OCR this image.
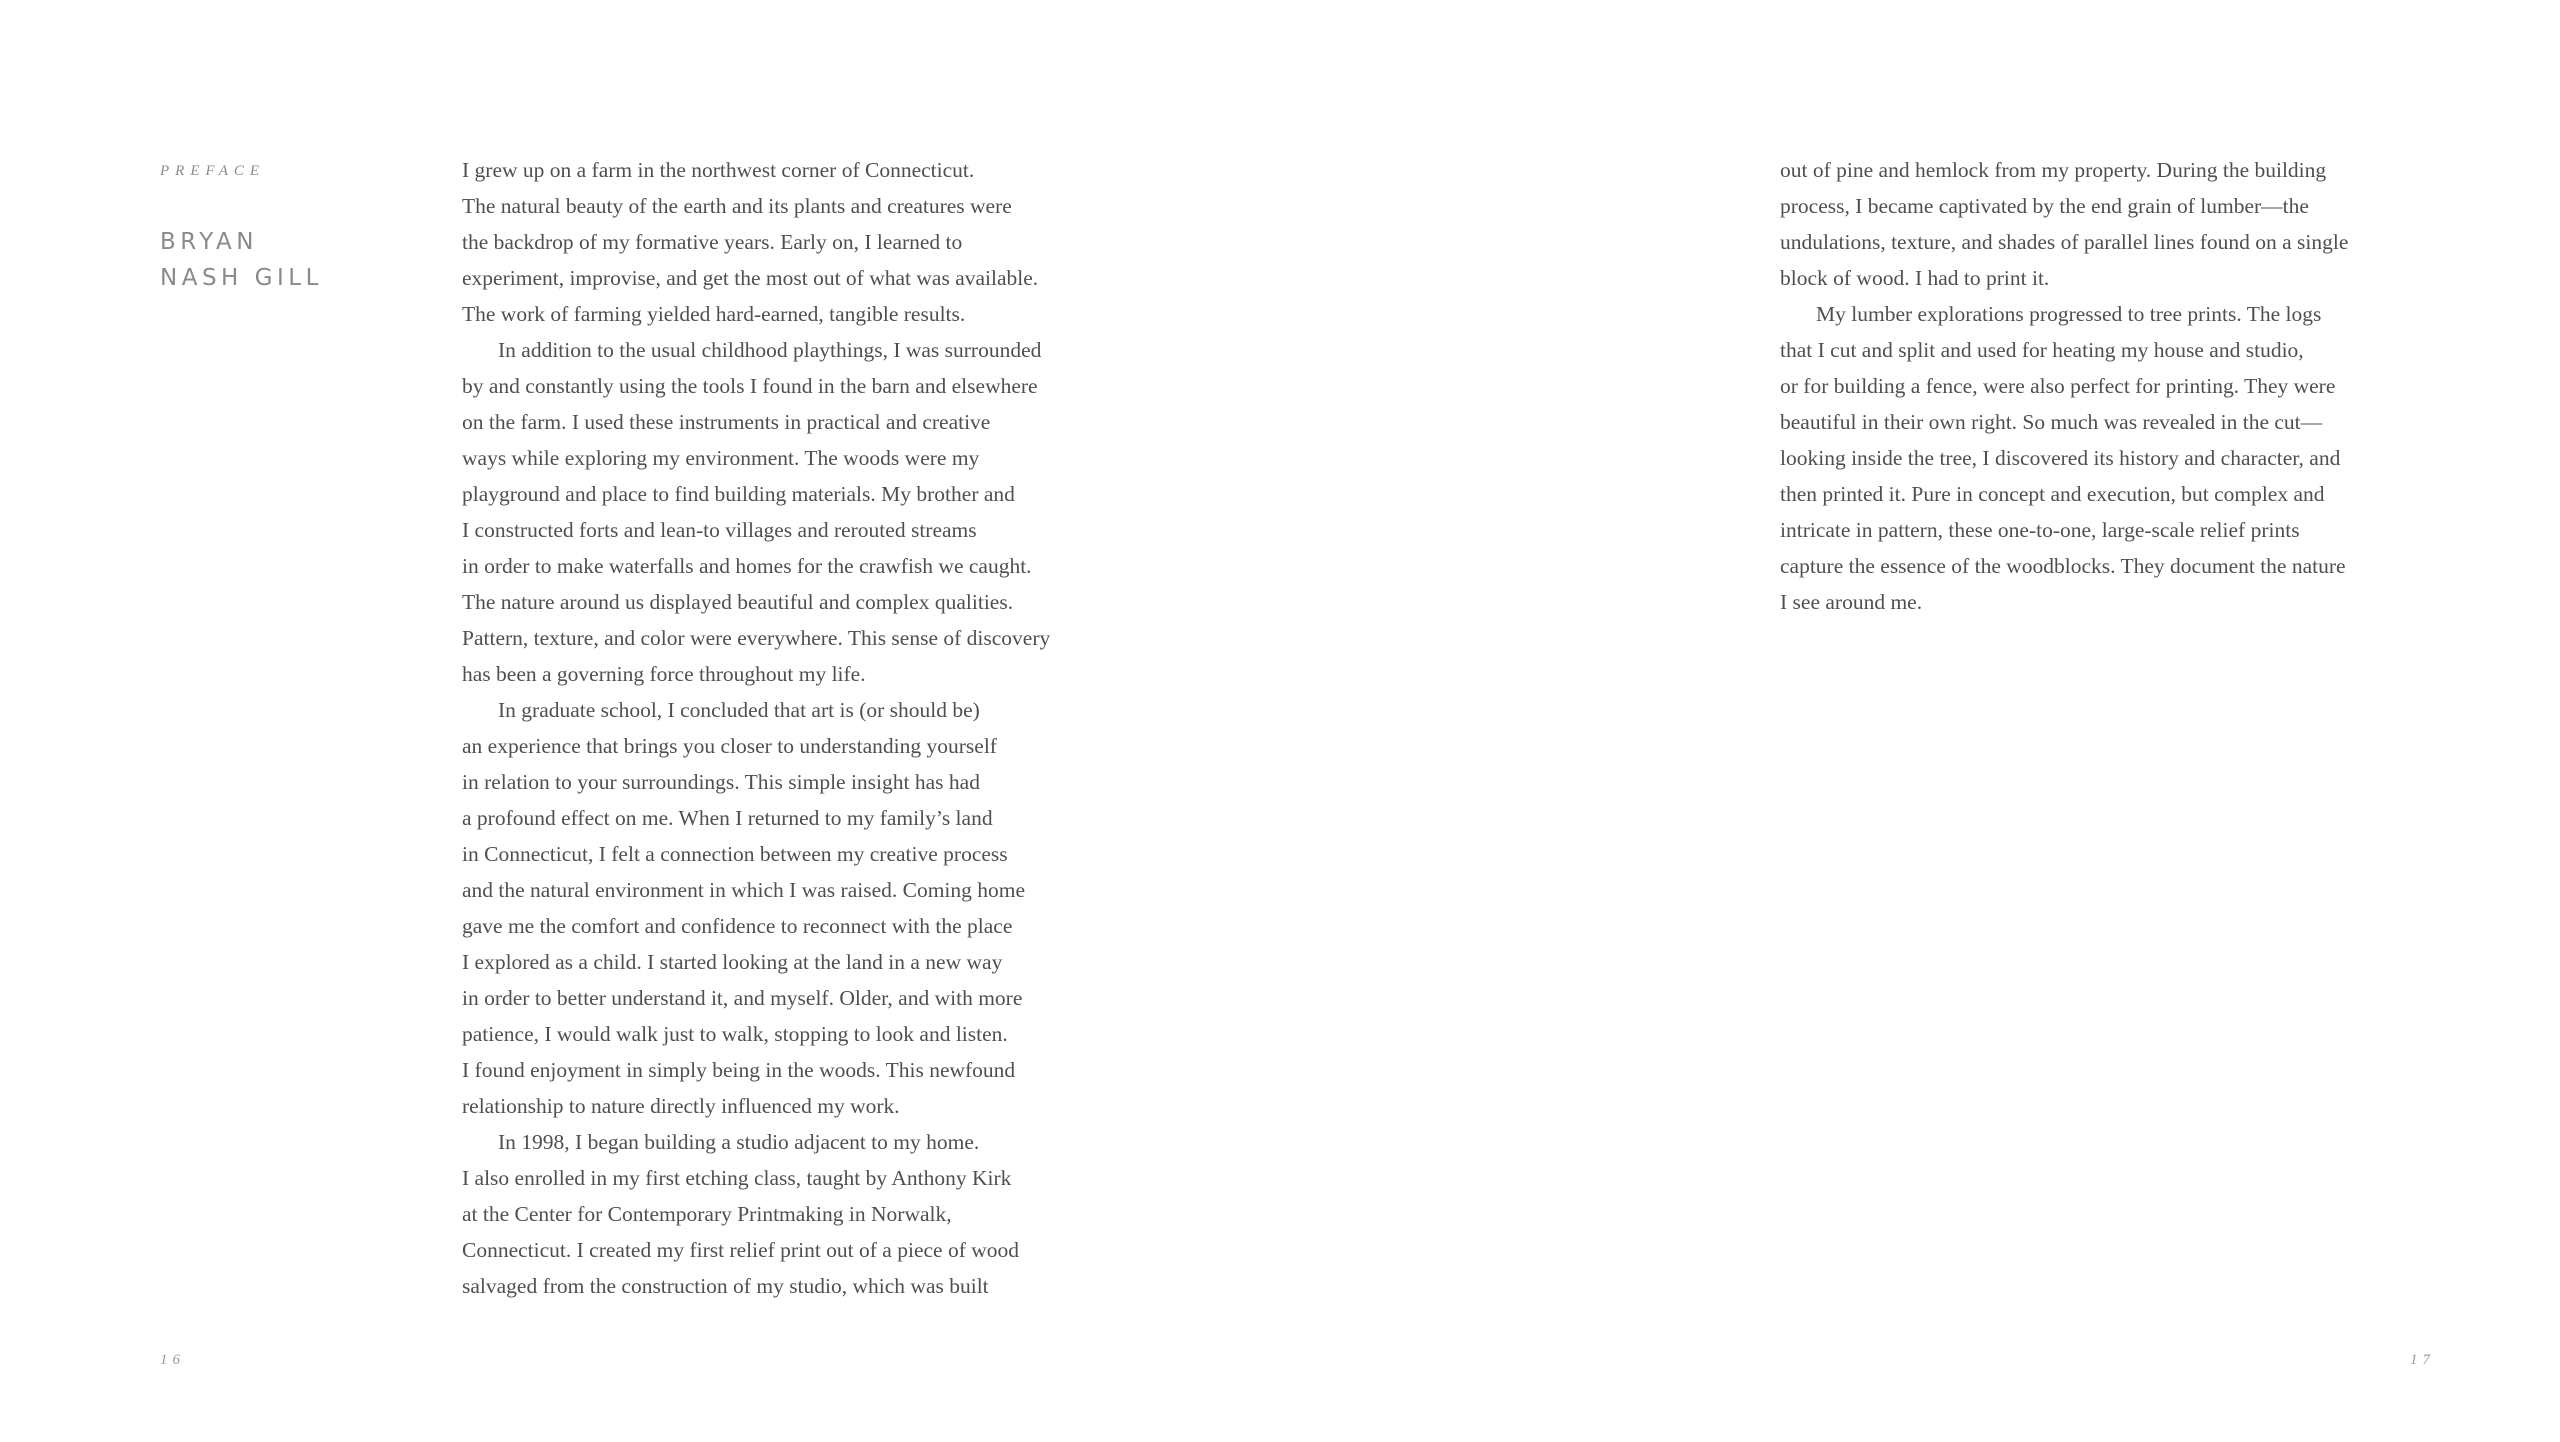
PREFACE

BRYAN
NASH GILL
I grew up on a farm in the northwest corner of Connecticut.
The natural beauty of the earth and its plants and creatures were
the backdrop of my formative years. Early on, I learned to
experiment, improvise, and get the most out of what was available.
The work of farming yielded hard-earned, tangible results.
In addition to the usual childhood playthings, I was surrounded
by and constantly using the tools I found in the barn and elsewhere
on the farm. I used these instruments in practical and creative
ways while exploring my environment. The woods were my
playground and place to find building materials. My brother and
I constructed forts and lean-to villages and rerouted streams
in order to make waterfalls and homes for the crawfish we caught.
The nature around us displayed beautiful and complex qualities.
Pattern, texture, and color were everywhere. This sense of discovery
has been a governing force throughout my life.
In graduate school, I concluded that art is (or should be)
an experience that brings you closer to understanding yourself
in relation to your surroundings. This simple insight has had
a profound effect on me. When I returned to my family’s land
in Connecticut, I felt a connection between my creative process
and the natural environment in which I was raised. Coming home
gave me the comfort and confidence to reconnect with the place
I explored as a child. I started looking at the land in a new way
in order to better understand it, and myself. Older, and with more
patience, I would walk just to walk, stopping to look and listen.
I found enjoyment in simply being in the woods. This newfound
relationship to nature directly influenced my work.
In 1998, I began building a studio adjacent to my home.
I also enrolled in my first etching class, taught by Anthony Kirk
at the Center for Contemporary Printmaking in Norwalk,
Connecticut. I created my first relief print out of a piece of wood
salvaged from the construction of my studio, which was built
out of pine and hemlock from my property. During the building
process, I became captivated by the end grain of lumber—the
undulations, texture, and shades of parallel lines found on a single
block of wood. I had to print it.
My lumber explorations progressed to tree prints. The logs
that I cut and split and used for heating my house and studio,
or for building a fence, were also perfect for printing. They were
beautiful in their own right. So much was revealed in the cut—
looking inside the tree, I discovered its history and character, and
then printed it. Pure in concept and execution, but complex and
intricate in pattern, these one-to-one, large-scale relief prints
capture the essence of the woodblocks. They document the nature
I see around me.

16	17
